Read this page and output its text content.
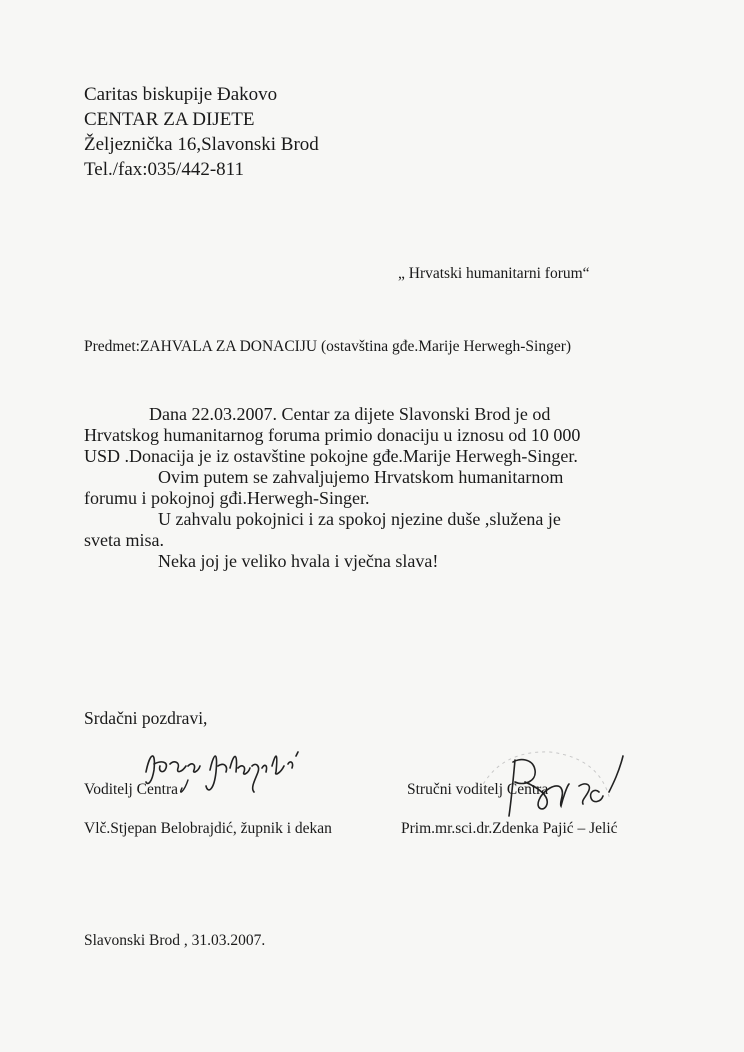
Caritas biskupije Đakovo
CENTAR ZA DIJETE
Željeznička 16,Slavonski Brod
Tel./fax:035/442-811
„ Hrvatski humanitarni forum“
Predmet:ZAHVALA ZA DONACIJU (ostavština gđe.Marije Herwegh-Singer)
Dana 22.03.2007. Centar za dijete Slavonski Brod je od
Hrvatskog humanitarnog foruma primio donaciju u iznosu od 10 000
USD .Donacija je iz ostavštine pokojne gđe.Marije Herwegh-Singer.
Ovim putem se zahvaljujemo Hrvatskom humanitarnom
forumu i pokojnoj gđi.Herwegh-Singer.
U zahvalu pokojnici i za spokoj njezine duše ,služena je
sveta misa.
Neka joj je veliko hvala i vječna slava!
Srdačni pozdravi,
Voditelj Centra	Stručni voditelj Centra
Vlč.Stjepan Belobrajdić, župnik i dekan	Prim.mr.sci.dr.Zdenka Pajić – Jelić
Slavonski Brod , 31.03.2007.
